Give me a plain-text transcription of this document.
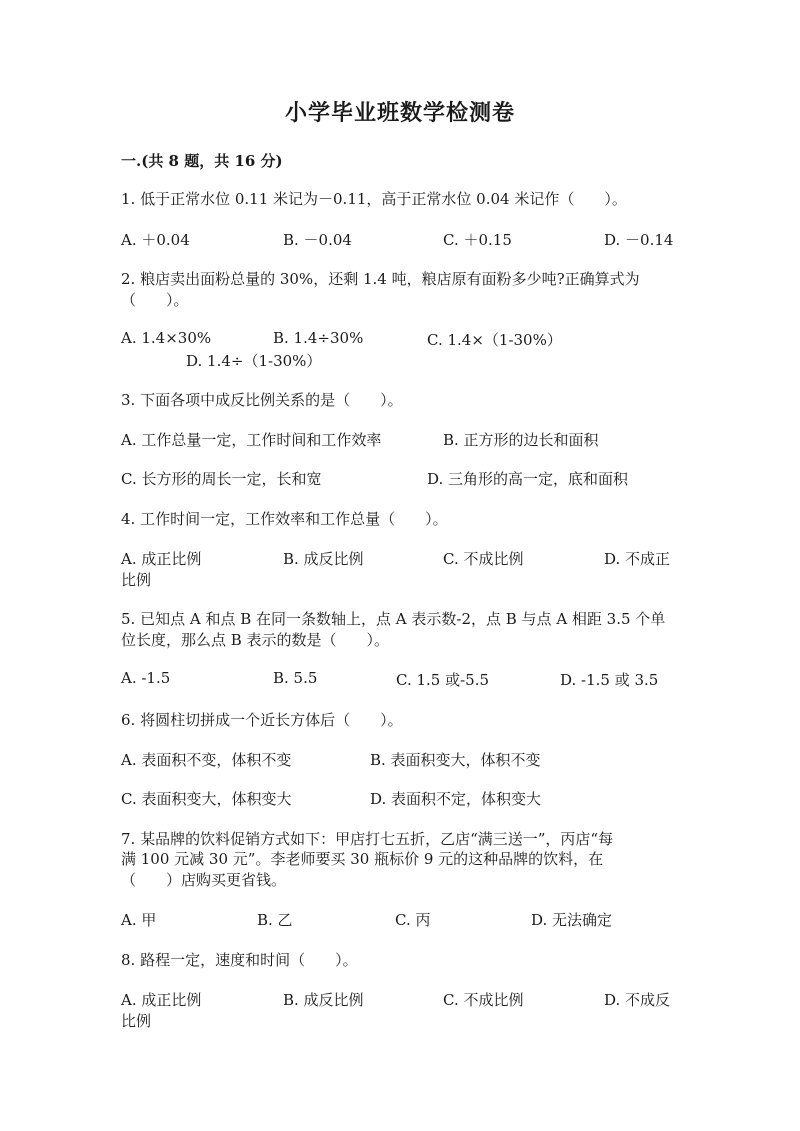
小学毕业班数学检测卷
一.(共 8 题，共 16 分)
1. 低于正常水位 0.11 米记为－0.11，高于正常水位 0.04 米记作（　　）。
A. ＋0.04	B. －0.04	C. ＋0.15	D. －0.14
2. 粮店卖出面粉总量的 30%，还剩 1.4 吨，粮店原有面粉多少吨?正确算式为
（　　）。
A. 1.4×30%	B. 1.4÷30%	C. 1.4×（1-30%）
D. 1.4÷（1-30%）
3. 下面各项中成反比例关系的是（　　）。
A. 工作总量一定，工作时间和工作效率	B. 正方形的边长和面积
C. 长方形的周长一定，长和宽	D. 三角形的高一定，底和面积
4. 工作时间一定，工作效率和工作总量（　　）。
A. 成正比例	B. 成反比例	C. 不成比例	D. 不成正
比例
5. 已知点 A 和点 B 在同一条数轴上，点 A 表示数-2，点 B 与点 A 相距 3.5 个单
位长度，那么点 B 表示的数是（　　）。
A. -1.5	B. 5.5	C. 1.5 或-5.5	D. -1.5 或 3.5
6. 将圆柱切拼成一个近长方体后（　　）。
A. 表面积不变，体积不变	B. 表面积变大，体积不变
C. 表面积变大，体积变大	D. 表面积不定，体积变大
7. 某品牌的饮料促销方式如下：甲店打七五折，乙店“满三送一”，丙店“每
满 100 元减 30 元”。李老师要买 30 瓶标价 9 元的这种品牌的饮料，在
（　　）店购买更省钱。
A. 甲	B. 乙	C. 丙	D. 无法确定
8. 路程一定，速度和时间（　　）。
A. 成正比例	B. 成反比例	C. 不成比例	D. 不成反
比例
